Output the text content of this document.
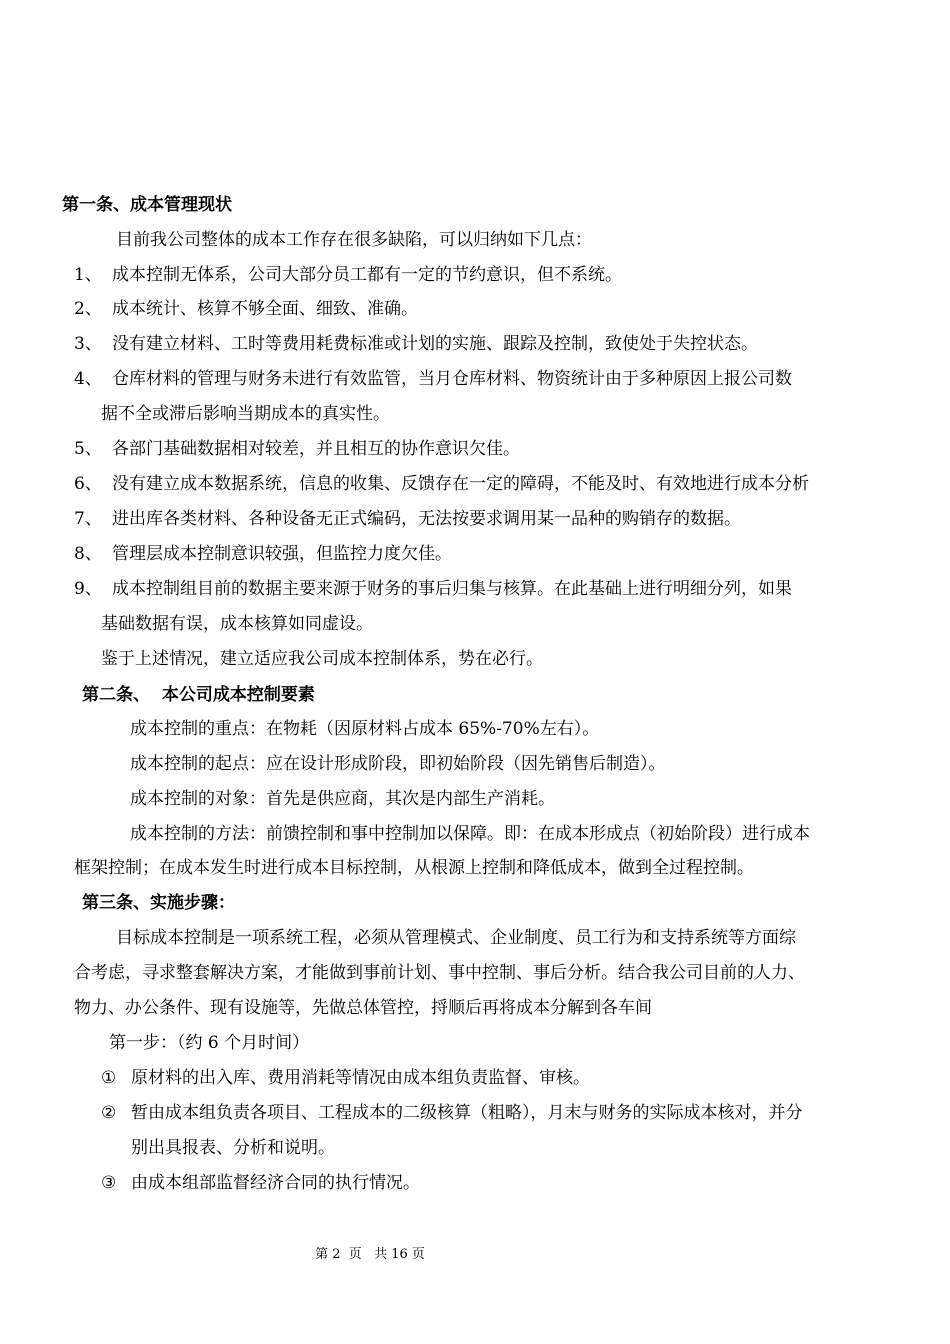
第一条、成本管理现状
目前我公司整体的成本工作存在很多缺陷，可以归纳如下几点：
1、 成本控制无体系，公司大部分员工都有一定的节约意识，但不系统。
2、 成本统计、核算不够全面、细致、准确。
3、 没有建立材料、工时等费用耗费标准或计划的实施、跟踪及控制，致使处于失控状态。
4、 仓库材料的管理与财务未进行有效监管，当月仓库材料、物资统计由于多种原因上报公司数
据不全或滞后影响当期成本的真实性。
5、 各部门基础数据相对较差，并且相互的协作意识欠佳。
6、 没有建立成本数据系统，信息的收集、反馈存在一定的障碍，不能及时、有效地进行成本分析
7、 进出库各类材料、各种设备无正式编码，无法按要求调用某一品种的购销存的数据。
8、 管理层成本控制意识较强，但监控力度欠佳。
9、 成本控制组目前的数据主要来源于财务的事后归集与核算。在此基础上进行明细分列，如果
基础数据有误，成本核算如同虚设。
鉴于上述情况，建立适应我公司成本控制体系，势在必行。
第二条、  本公司成本控制要素
成本控制的重点：在物耗（因原材料占成本 65%-70%左右）。
成本控制的起点：应在设计形成阶段，即初始阶段（因先销售后制造）。
成本控制的对象：首先是供应商，其次是内部生产消耗。
成本控制的方法：前馈控制和事中控制加以保障。即：在成本形成点（初始阶段）进行成本
框架控制；在成本发生时进行成本目标控制，从根源上控制和降低成本，做到全过程控制。
第三条、实施步骤：
目标成本控制是一项系统工程，必须从管理模式、企业制度、员工行为和支持系统等方面综
合考虑，寻求整套解决方案，才能做到事前计划、事中控制、事后分析。结合我公司目前的人力、
物力、办公条件、现有设施等，先做总体管控，捋顺后再将成本分解到各车间
第一步：（约 6 个月时间）
① 原材料的出入库、费用消耗等情况由成本组负责监督、审核。
② 暂由成本组负责各项目、工程成本的二级核算（粗略），月末与财务的实际成本核对，并分
别出具报表、分析和说明。
③ 由成本组部监督经济合同的执行情况。
第 2  页   共 16 页
